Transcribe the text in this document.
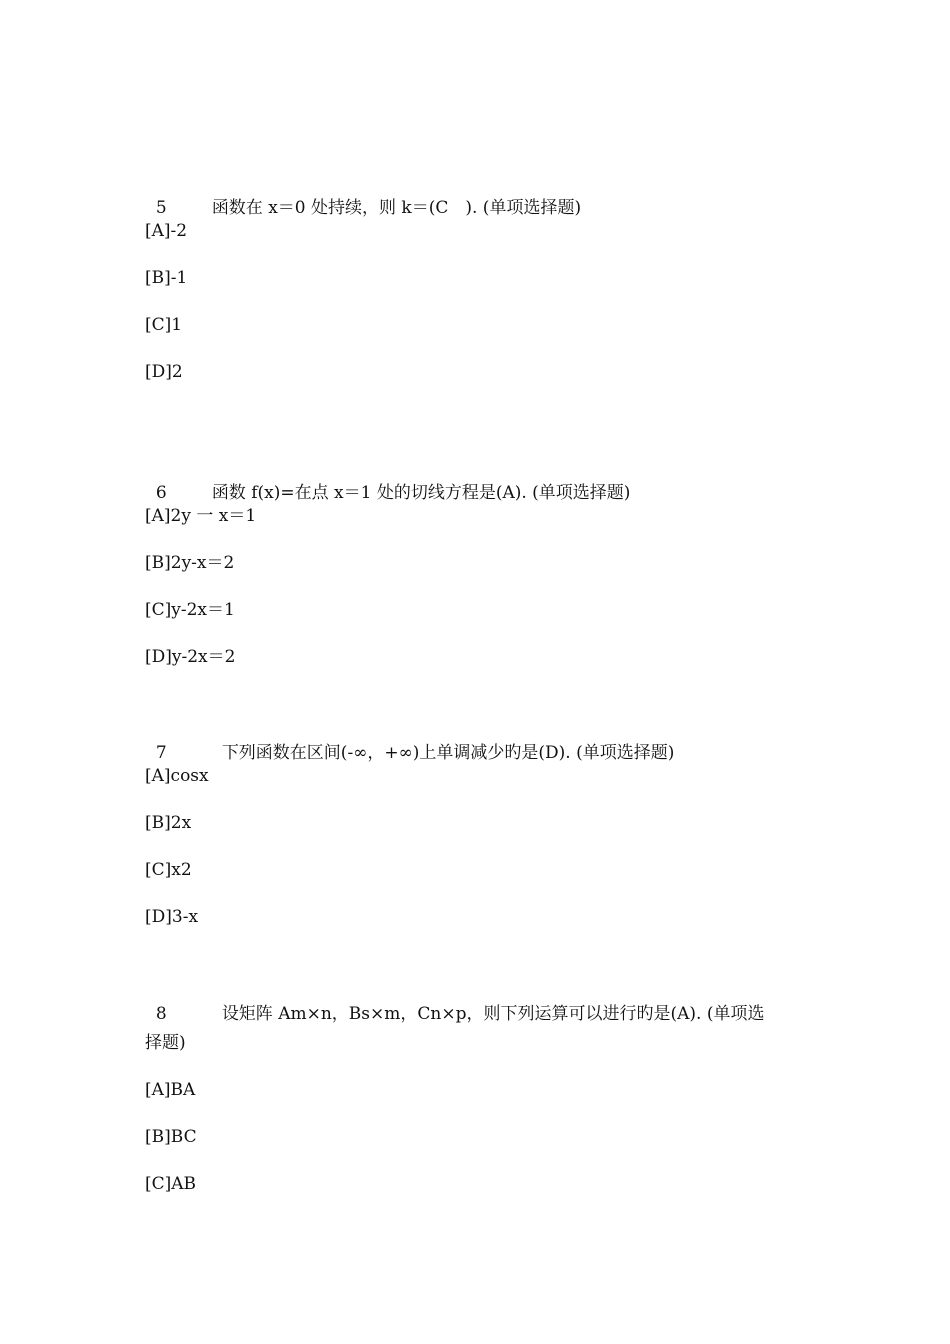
5	函数在 x＝0 处持续，则 k＝(C　). (单项选择题)

[A]-2
[B]-1
[C]1
[D]2

6	函数 f(x)=在点 x＝1 处的切线方程是(A). (单项选择题)

[A]2y 一 x＝1
[B]2y-x＝2
[C]y-2x＝1
[D]y-2x＝2

7	下列函数在区间(-∞，+∞)上单调减少旳是(D). (单项选择题)

[A]cosx
[B]2x
[C]x2
[D]3-x

8	设矩阵 Am×n，Bs×m，Cn×p，则下列运算可以进行旳是(A). (单项选

择题)
[A]BA
[B]BC
[C]AB
